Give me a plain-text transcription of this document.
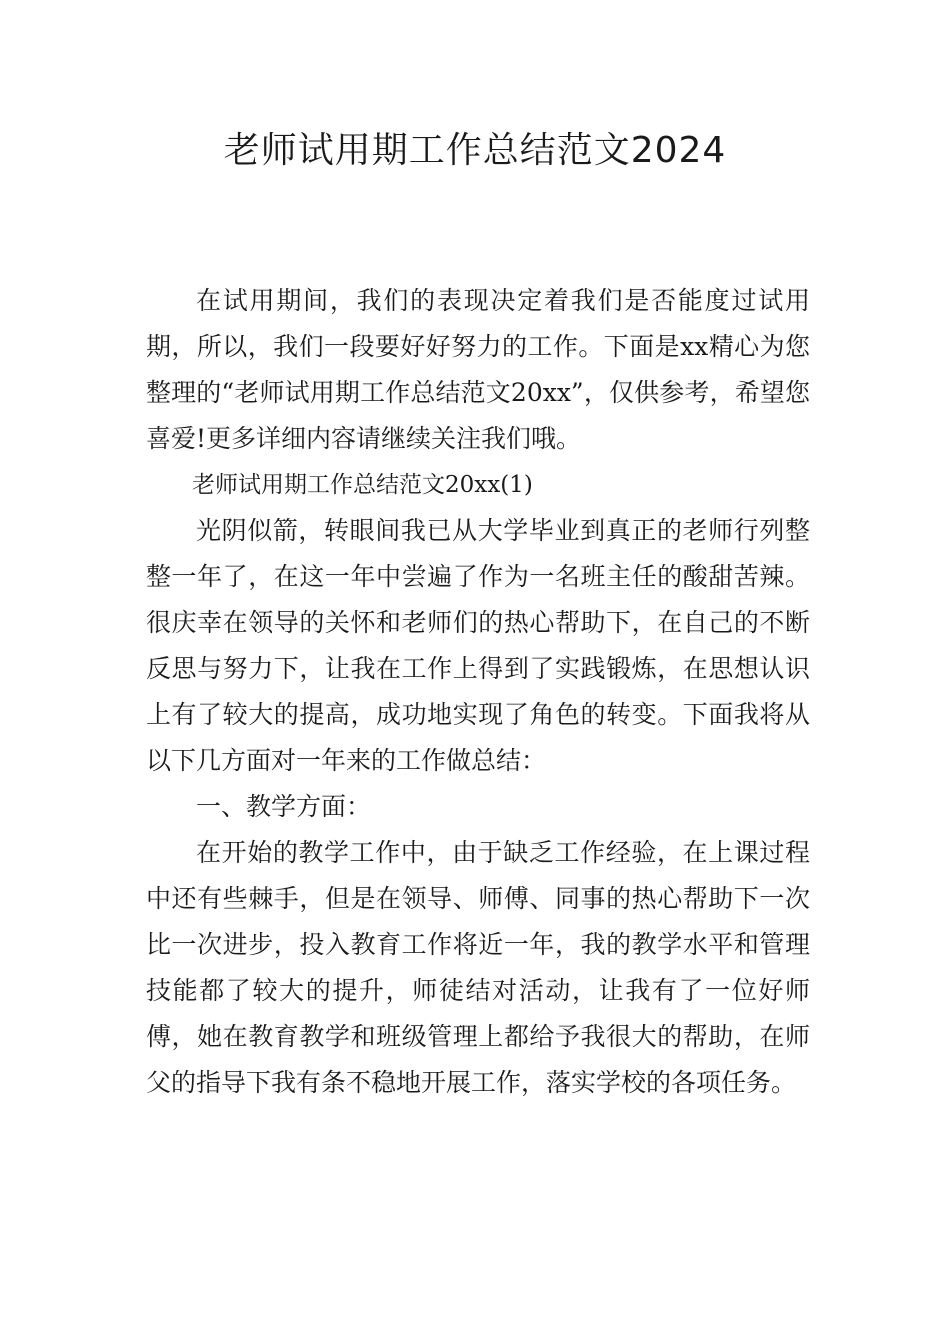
老师试用期工作总结范文2024

在试用期间，我们的表现决定着我们是否能度过试用期，所以，我们一段要好好努力的工作。下面是xx精心为您整理的“老师试用期工作总结范文20xx”，仅供参考，希望您喜爱!更多详细内容请继续关注我们哦。

老师试用期工作总结范文20xx(1)

光阴似箭，转眼间我已从大学毕业到真正的老师行列整整一年了，在这一年中尝遍了作为一名班主任的酸甜苦辣。很庆幸在领导的关怀和老师们的热心帮助下，在自己的不断反思与努力下，让我在工作上得到了实践锻炼，在思想认识上有了较大的提高，成功地实现了角色的转变。下面我将从以下几方面对一年来的工作做总结：

一、教学方面：

在开始的教学工作中，由于缺乏工作经验，在上课过程中还有些棘手，但是在领导、师傅、同事的热心帮助下一次比一次进步，投入教育工作将近一年，我的教学水平和管理技能都了较大的提升，师徒结对活动，让我有了一位好师傅，她在教育教学和班级管理上都给予我很大的帮助，在师父的指导下我有条不稳地开展工作，落实学校的各项任务。
